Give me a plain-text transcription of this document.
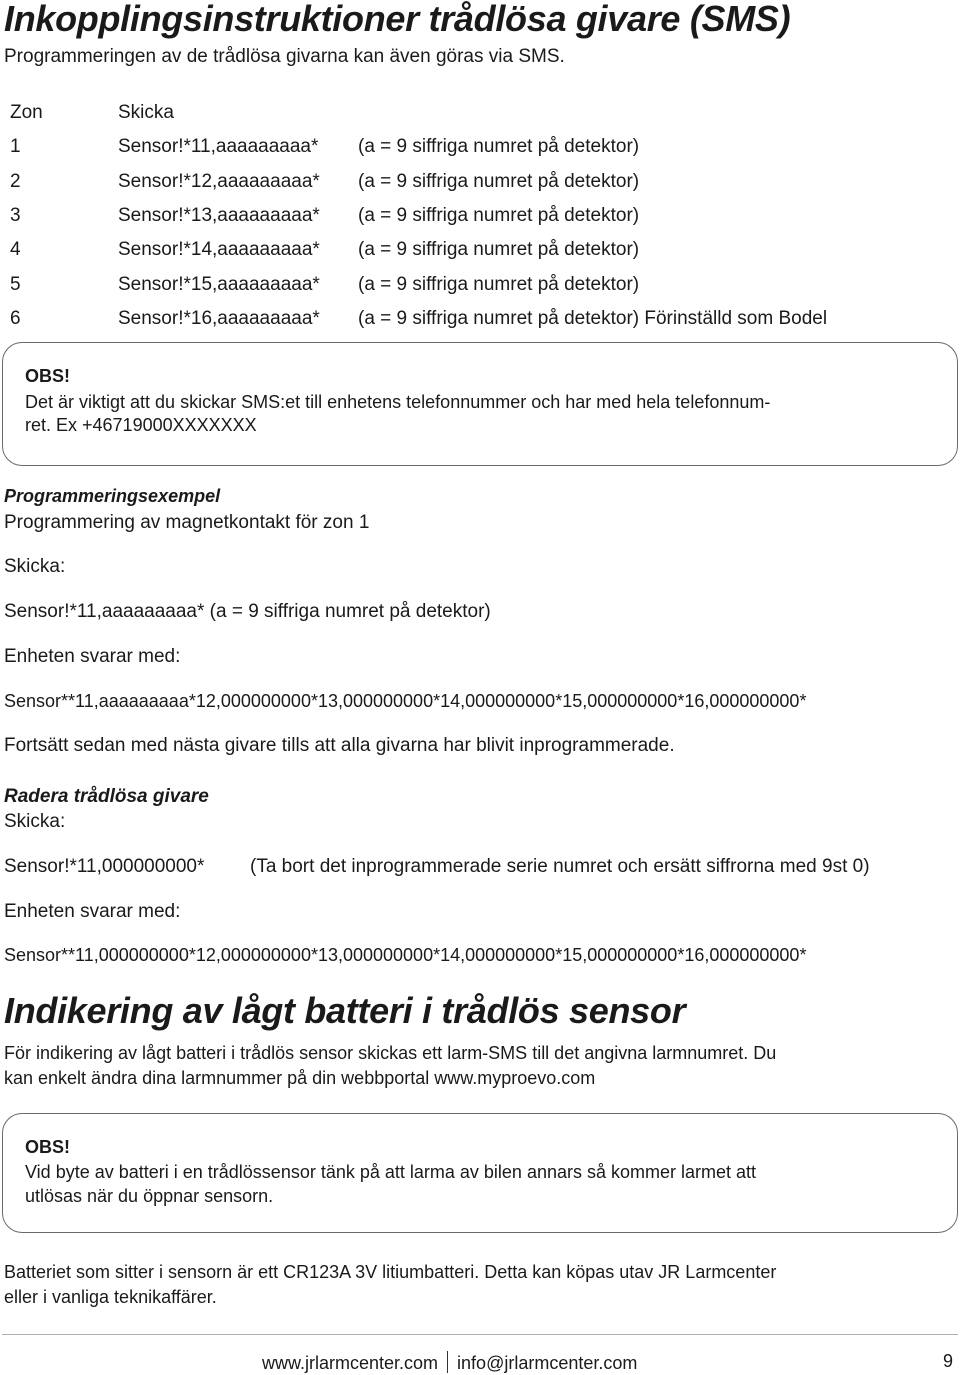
Inkopplingsinstruktioner trådlösa givare (SMS)
Programmeringen av de trådlösa givarna kan även göras via SMS.
Zon	Skicka
1	Sensor!*11,aaaaaaaaa* (a = 9 siffriga numret på detektor)
2	Sensor!*12,aaaaaaaaa* (a = 9 siffriga numret på detektor)
3	Sensor!*13,aaaaaaaaa* (a = 9 siffriga numret på detektor)
4	Sensor!*14,aaaaaaaaa* (a = 9 siffriga numret på detektor)
5	Sensor!*15,aaaaaaaaa* (a = 9 siffriga numret på detektor)
6	Sensor!*16,aaaaaaaaa* (a = 9 siffriga numret på detektor) Förinställd som Bodel
OBS!
Det är viktigt att du skickar SMS:et till enhetens telefonnummer och har med hela telefonnum-
ret. Ex +46719000XXXXXXX
Programmeringsexempel
Programmering av magnetkontakt för zon 1
Skicka:
Sensor!*11,aaaaaaaaa* (a = 9 siffriga numret på detektor)
Enheten svarar med:
Sensor**11,aaaaaaaaa*12,000000000*13,000000000*14,000000000*15,000000000*16,000000000*
Fortsätt sedan med nästa givare tills att alla givarna har blivit inprogrammerade.
Radera trådlösa givare
Skicka:
Sensor!*11,000000000* (Ta bort det inprogrammerade serie numret och ersätt siffrorna med 9st 0)
Enheten svarar med:
Sensor**11,000000000*12,000000000*13,000000000*14,000000000*15,000000000*16,000000000*
Indikering av lågt batteri i trådlös sensor
För indikering av lågt batteri i trådlös sensor skickas ett larm-SMS till det angivna larmnumret. Du
kan enkelt ändra dina larmnummer på din webbportal www.myproevo.com
OBS!
Vid byte av batteri i en trådlössensor tänk på att larma av bilen annars så kommer larmet att
utlösas när du öppnar sensorn.
Batteriet som sitter i sensorn är ett CR123A 3V litiumbatteri. Detta kan köpas utav JR Larmcenter
eller i vanliga teknikaffärer.
www.jrlarmcenter.com info@jrlarmcenter.com	9
